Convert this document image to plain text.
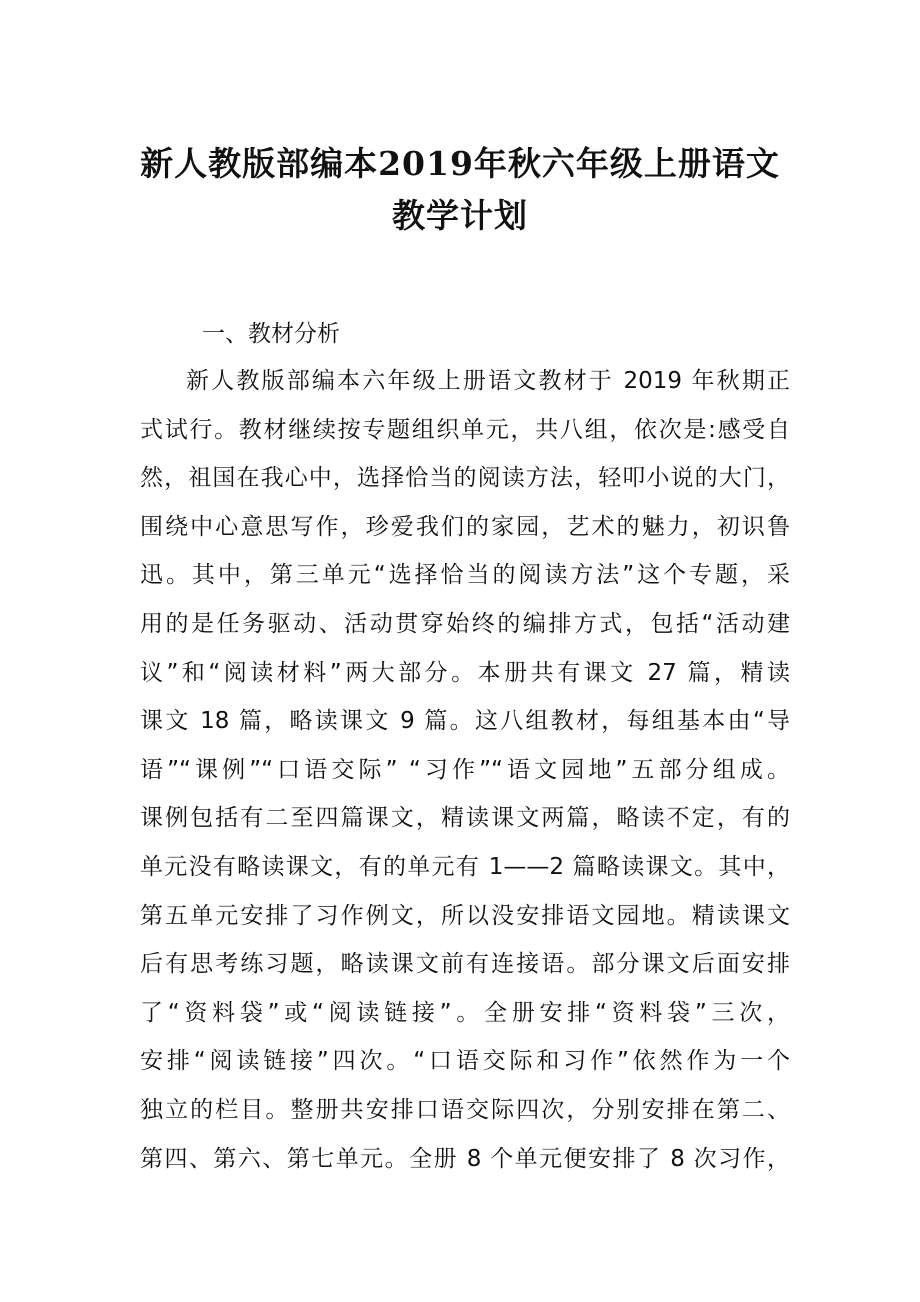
新人教版部编本2019年秋六年级上册语文
教学计划
一、教材分析
新人教版部编本六年级上册语文教材于 2019 年秋期正
式试行。教材继续按专题组织单元，共八组，依次是:感受自
然，祖国在我心中，选择恰当的阅读方法，轻叩小说的大门，
围绕中心意思写作，珍爱我们的家园，艺术的魅力，初识鲁
迅。其中，第三单元“选择恰当的阅读方法”这个专题，采
用的是任务驱动、活动贯穿始终的编排方式，包括“活动建
议”和“阅读材料”两大部分。本册共有课文 27 篇，精读
课文 18 篇，略读课文 9 篇。这八组教材，每组基本由“导
语”“课例”“口语交际” “习作”“语文园地”五部分组成。
课例包括有二至四篇课文，精读课文两篇，略读不定，有的
单元没有略读课文，有的单元有 1——2 篇略读课文。其中，
第五单元安排了习作例文，所以没安排语文园地。精读课文
后有思考练习题，略读课文前有连接语。部分课文后面安排
了“资料袋”或“阅读链接”。全册安排“资料袋”三次，
安排“阅读链接”四次。“口语交际和习作”依然作为一个
独立的栏目。整册共安排口语交际四次，分别安排在第二、
第四、第六、第七单元。全册 8 个单元便安排了 8 次习作，
